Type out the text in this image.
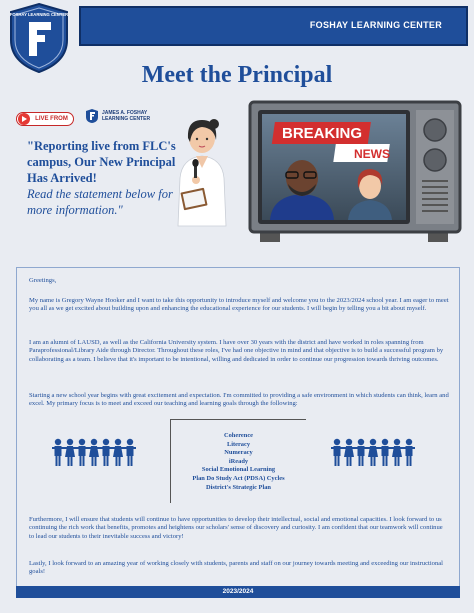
FOSHAY LEARNING CENTER
FOSHAY LEARNING CENTER
Meet the Principal
LIVE FROM
JAMES A. FOSHAY
LEARNING CENTER
"Reporting live from FLC's campus, Our New Principal Has Arrived!
Read the statement below for more information."
BREAKING
NEWS

Greetings,

My name is Gregory Wayne Hooker and I want to take this opportunity to introduce myself and welcome you to the 2023/2024 school year. I am eager to meet you all as we get excited about building upon and enhancing the educational experience for our students. I will begin by telling you a bit about myself.

I am an alumni of LAUSD, as well as the California University system. I have over 30 years with the district and have worked in roles spanning from Paraprofessional/Library Aide through Director. Throughout these roles, I've had one objective in mind and that objective is to build a successful program by collaborating as a team. I believe that it's important to be intentional, willing and dedicated in order to continue our progression towards thriving outcomes.

Starting a new school year begins with great excitement and expectation. I'm committed to providing a safe environment in which students can think, learn and excel. My primary focus is to meet and exceed our teaching and learning goals through the following:

Furthermore, I will ensure that students will continue to have opportunities to develop their intellectual, social and emotional capacities. I look forward to us continuing the rich work that benefits, promotes and heightens our scholars' sense of discovery and curiosity. I am confident that our teamwork will continue to lead our students to their inevitable success and victory!

Lastly, I look forward to an amazing year of working closely with students, parents and staff on our journey towards meeting and exceeding our instructional goals!

Coherence
Literacy
Numeracy
iReady
Social Emotional Learning
Plan Do Study Act (PDSA) Cycles
District's Strategic Plan
2023/2024
